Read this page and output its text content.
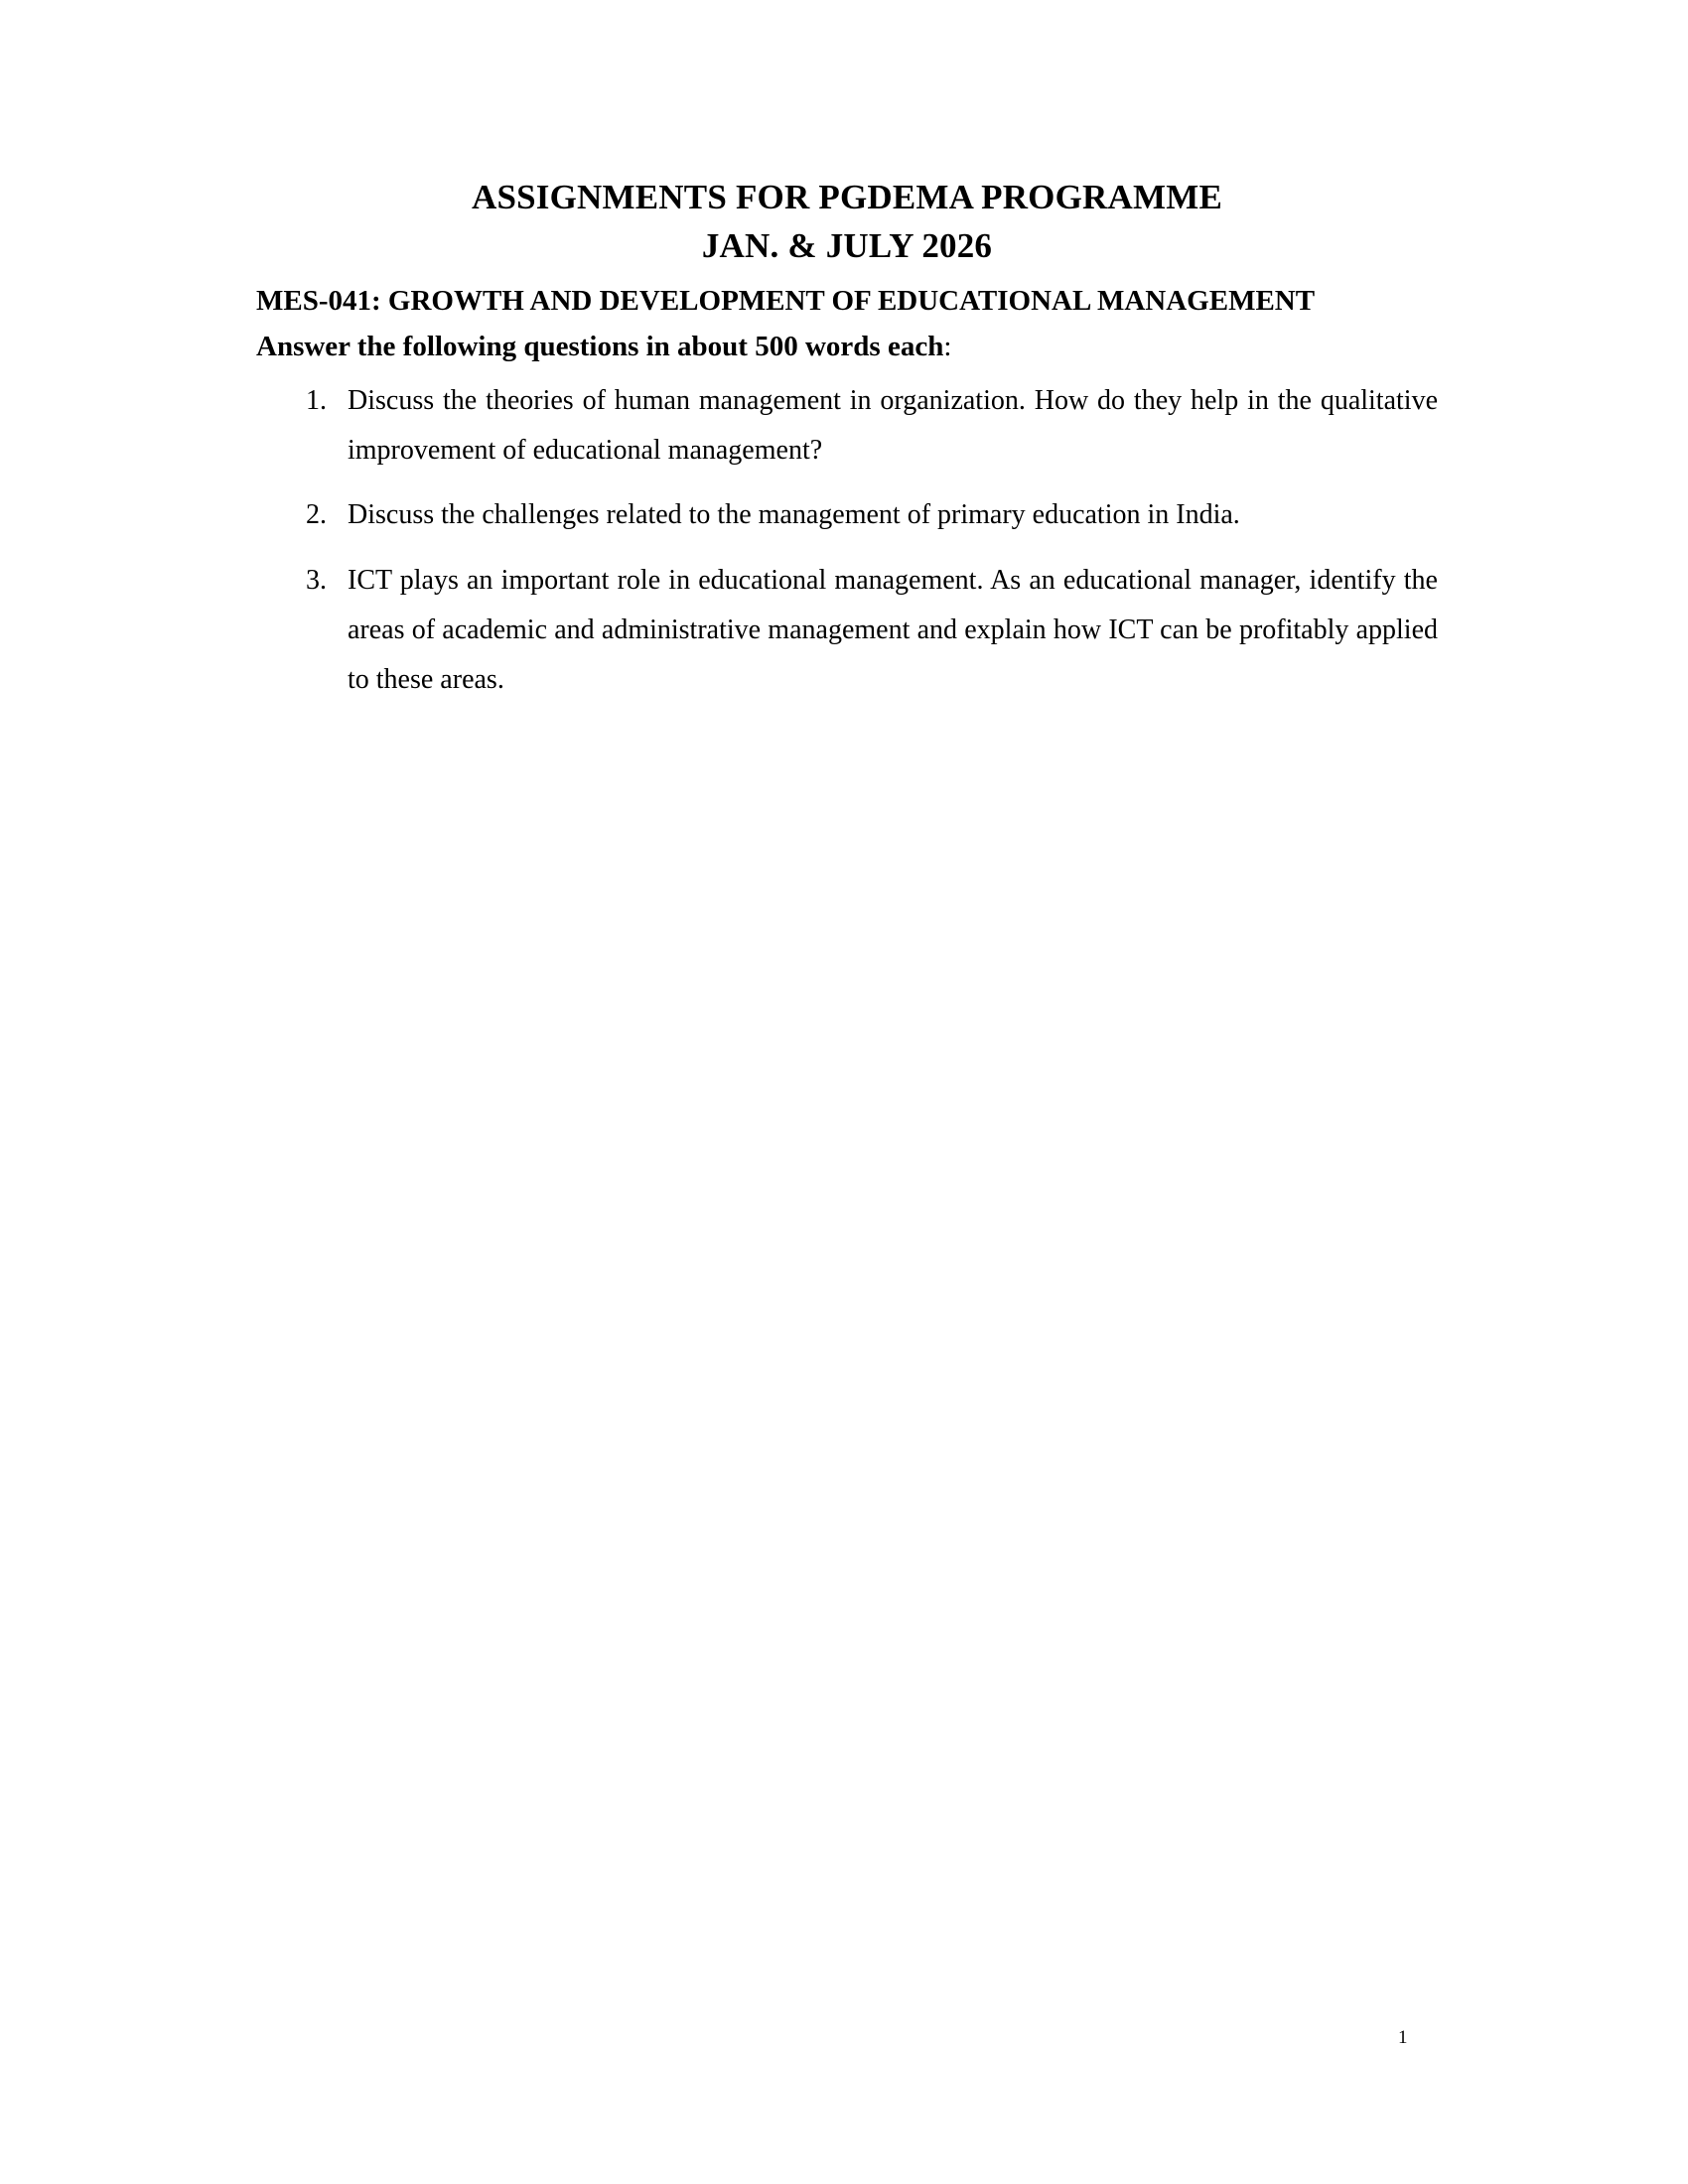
ASSIGNMENTS FOR PGDEMA PROGRAMME
JAN. & JULY 2026
MES-041: GROWTH AND DEVELOPMENT OF EDUCATIONAL MANAGEMENT
Answer the following questions in about 500 words each:
1. Discuss the theories of human management in organization. How do they help in the qualitative improvement of educational management?
2. Discuss the challenges related to the management of primary education in India.
3. ICT plays an important role in educational management. As an educational manager, identify the areas of academic and administrative management and explain how ICT can be profitably applied to these areas.
1
